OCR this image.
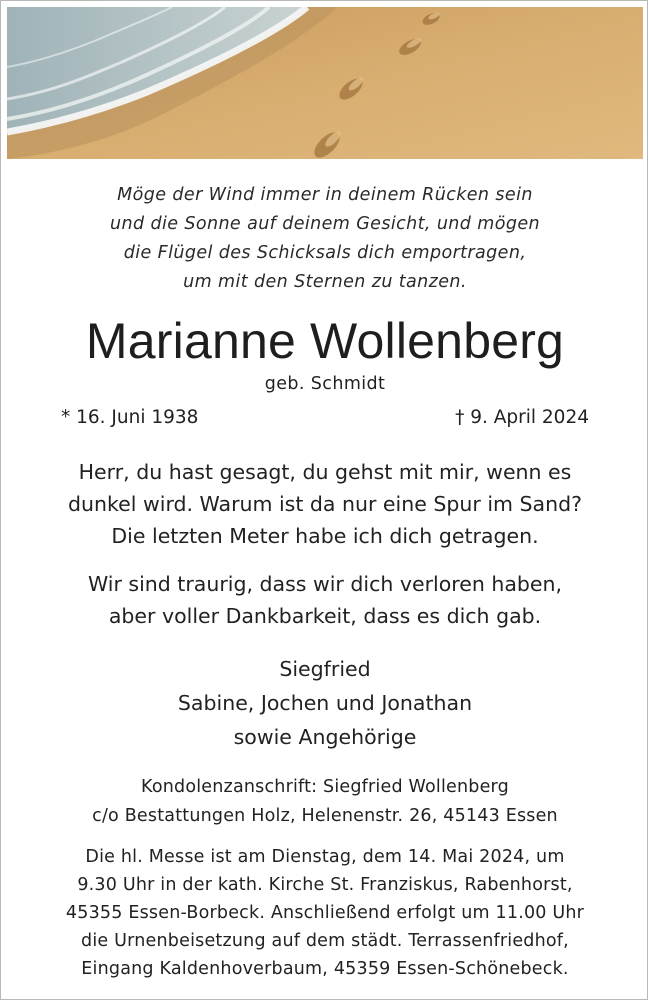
Möge der Wind immer in deinem Rücken sein
und die Sonne auf deinem Gesicht, und mögen
die Flügel des Schicksals dich emportragen,
um mit den Sternen zu tanzen.
Marianne Wollenberg
geb. Schmidt
* 16. Juni 1938	† 9. April 2024
Herr, du hast gesagt, du gehst mit mir, wenn es
dunkel wird. Warum ist da nur eine Spur im Sand?
Die letzten Meter habe ich dich getragen.
Wir sind traurig, dass wir dich verloren haben,
aber voller Dankbarkeit, dass es dich gab.
Siegfried
Sabine, Jochen und Jonathan
sowie Angehörige
Kondolenzanschrift: Siegfried Wollenberg
c/o Bestattungen Holz, Helenenstr. 26, 45143 Essen
Die hl. Messe ist am Dienstag, dem 14. Mai 2024, um
9.30 Uhr in der kath. Kirche St. Franziskus, Rabenhorst,
45355 Essen-Borbeck. Anschließend erfolgt um 11.00 Uhr
die Urnenbeisetzung auf dem städt. Terrassenfriedhof,
Eingang Kaldenhoverbaum, 45359 Essen-Schönebeck.
